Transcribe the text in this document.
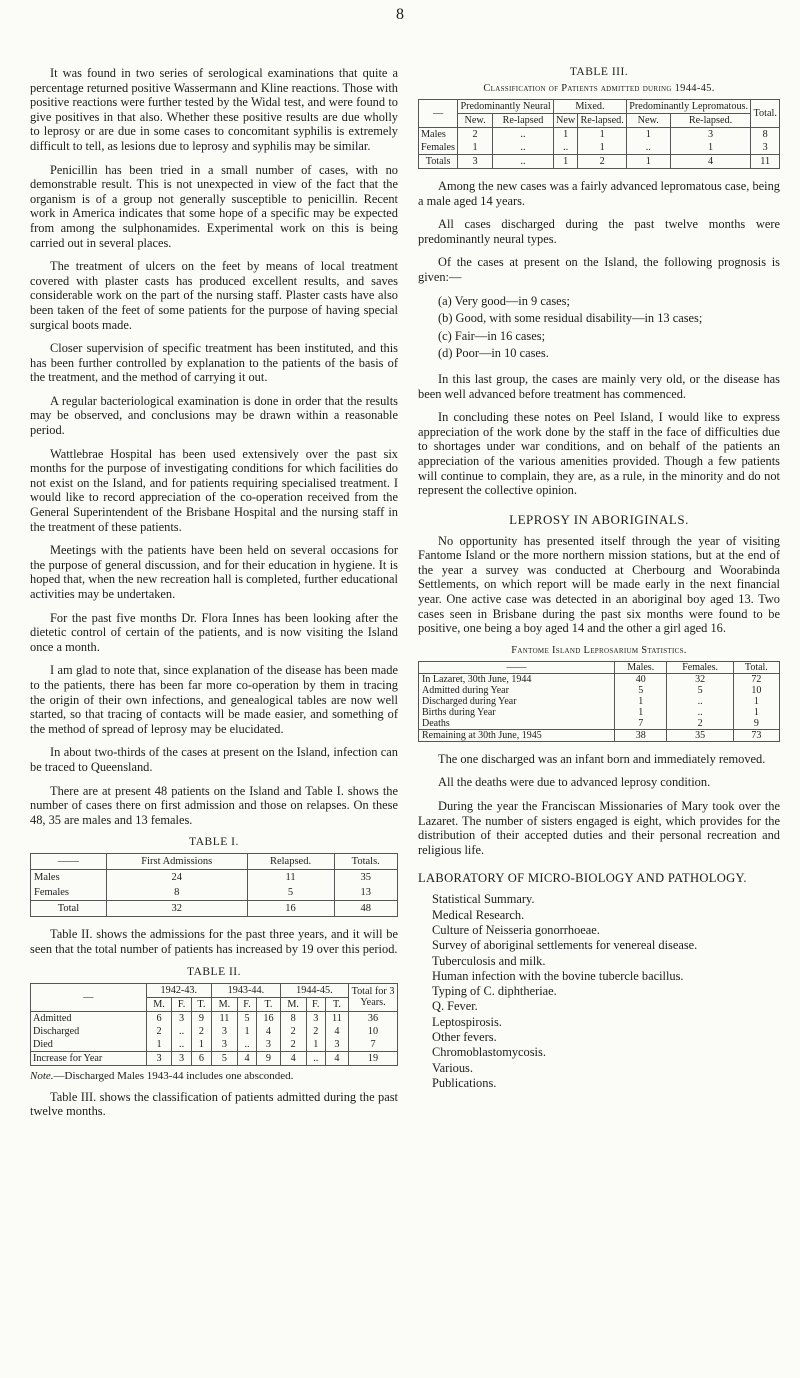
8

It was found in two series of serological examinations that quite a percentage returned positive Wassermann and Kline reactions. Those with positive reactions were further tested by the Widal test, and were found to give positives in that also. Whether these positive results are due wholly to leprosy or are due in some cases to concomitant syphilis is extremely difficult to tell, as lesions due to leprosy and syphilis may be similar.

Penicillin has been tried in a small number of cases, with no demonstrable result. This is not unexpected in view of the fact that the organism is of a group not generally susceptible to penicillin. Recent work in America indicates that some hope of a specific may be expected from among the sulphonamides. Experimental work on this is being carried out in several places.

The treatment of ulcers on the feet by means of local treatment covered with plaster casts has produced excellent results, and saves considerable work on the part of the nursing staff. Plaster casts have also been taken of the feet of some patients for the purpose of having special surgical boots made.

Closer supervision of specific treatment has been instituted, and this has been further controlled by explanation to the patients of the basis of the treatment, and the method of carrying it out.

A regular bacteriological examination is done in order that the results may be observed, and conclusions may be drawn within a reasonable period.

Wattlebrae Hospital has been used extensively over the past six months for the purpose of investigating conditions for which facilities do not exist on the Island, and for patients requiring specialised treatment. I would like to record appreciation of the co-operation received from the General Superintendent of the Brisbane Hospital and the nursing staff in the treatment of these patients.

Meetings with the patients have been held on several occasions for the purpose of general discussion, and for their education in hygiene. It is hoped that, when the new recreation hall is completed, further educational activities may be undertaken.

For the past five months Dr. Flora Innes has been looking after the dietetic control of certain of the patients, and is now visiting the Island once a month.

I am glad to note that, since explanation of the disease has been made to the patients, there has been far more co-operation by them in tracing the origin of their own infections, and genealogical tables are now well started, so that tracing of contacts will be made easier, and something of the method of spread of leprosy may be elucidated.

In about two-thirds of the cases at present on the Island, infection can be traced to Queensland.

There are at present 48 patients on the Island and Table I. shows the number of cases there on first admission and those on relapses. On these 48, 35 are males and 13 females.

TABLE I.
——	First Admissions	Relapsed.	Totals.
Males	24	11	35
Females	8	5	13
Total	32	16	48

Table II. shows the admissions for the past three years, and it will be seen that the total number of patients has increased by 19 over this period.

TABLE II.
—	1942-43.			1943-44.			1944-45.			Total for 3 Years.
	M.	F.	T.	M.	F.	T.	M.	F.	T.	
Admitted	6	3	9	11	5	16	8	3	11	36
Discharged	2	..	2	3	1	4	2	2	4	10
Died	1	..	1	3	..	3	2	1	3	7
Increase for Year	3	3	6	5	4	9	4	..	4	19
Note.—Discharged Males 1943-44 includes one absconded.

Table III. shows the classification of patients admitted during the past twelve months.

TABLE III.
Classification of Patients admitted during 1944-45.
—	Predominantly Neural		Mixed.		Predominantly Lepromatous.		Total.
	New.	Re-lapsed	New	Re-lapsed.	New.	Re-lapsed.	
Males	2	..	1	1	1	3	8
Females	1	..	..	1	..	1	3
Totals	3	..	1	2	1	4	11

Among the new cases was a fairly advanced lepromatous case, being a male aged 14 years.

All cases discharged during the past twelve months were predominantly neural types.

Of the cases at present on the Island, the following prognosis is given:—

(a) Very good—in 9 cases;
(b) Good, with some residual disability—in 13 cases;
(c) Fair—in 16 cases;
(d) Poor—in 10 cases.

In this last group, the cases are mainly very old, or the disease has been well advanced before treatment has commenced.

In concluding these notes on Peel Island, I would like to express appreciation of the work done by the staff in the face of difficulties due to shortages under war conditions, and on behalf of the patients an appreciation of the various amenities provided. Though a few patients will continue to complain, they are, as a rule, in the minority and do not represent the collective opinion.

LEPROSY IN ABORIGINALS.

No opportunity has presented itself through the year of visiting Fantome Island or the more northern mission stations, but at the end of the year a survey was conducted at Cherbourg and Woorabinda Settlements, on which report will be made early in the next financial year. One active case was detected in an aboriginal boy aged 13. Two cases seen in Brisbane during the past six months were found to be positive, one being a boy aged 14 and the other a girl aged 16.

Fantome Island Leprosarium Statistics.
——	Males.	Females.	Total.
In Lazaret, 30th June, 1944	40	32	72
Admitted during Year	5	5	10
Discharged during Year	1	..	1
Births during Year	1	..	1
Deaths	7	2	9
Remaining at 30th June, 1945	38	35	73

The one discharged was an infant born and immediately removed.

All the deaths were due to advanced leprosy condition.

During the year the Franciscan Missionaries of Mary took over the Lazaret. The number of sisters engaged is eight, which provides for the distribution of their accepted duties and their personal recreation and religious life.

LABORATORY OF MICRO-BIOLOGY AND PATHOLOGY.
Statistical Summary.
Medical Research.
Culture of Neisseria gonorrhoeae.
Survey of aboriginal settlements for venereal disease.
Tuberculosis and milk.
Human infection with the bovine tubercle bacillus.
Typing of C. diphtheriae.
Q. Fever.
Leptospirosis.
Other fevers.
Chromoblastomycosis.
Various.
Publications.
